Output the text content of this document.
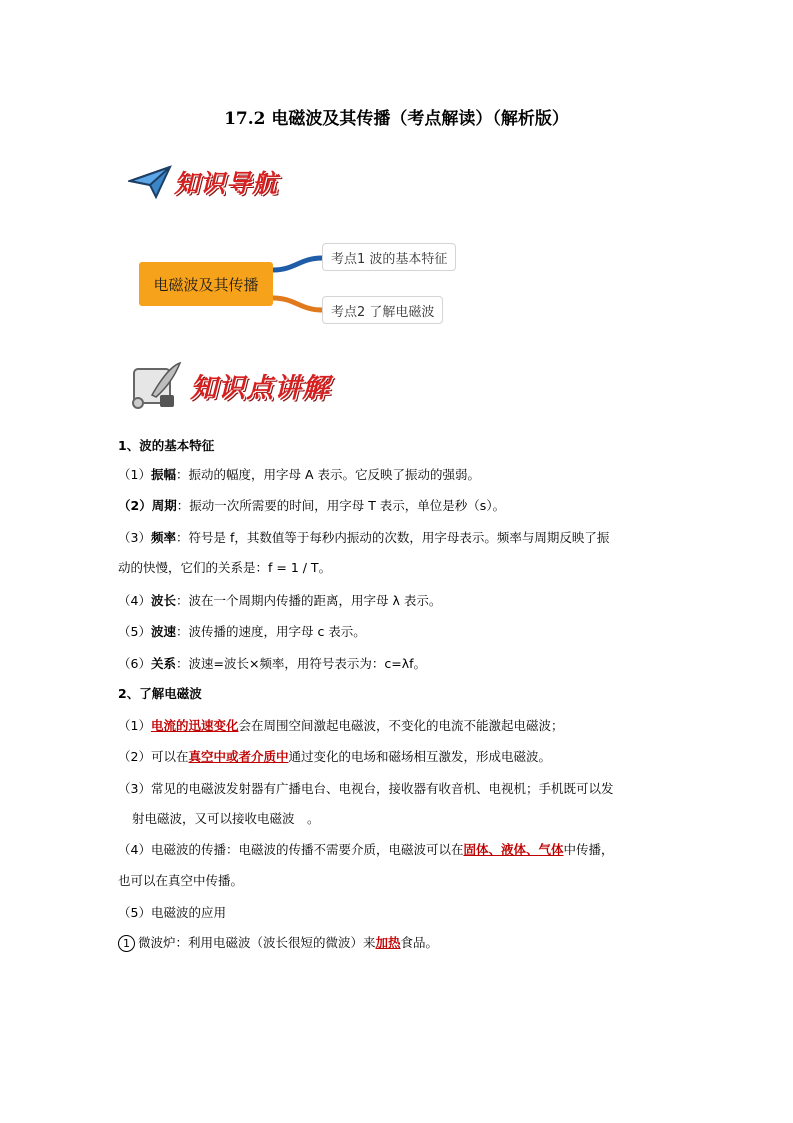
17.2 电磁波及其传播（考点解读）（解析版）
知识导航
电磁波及其传播
考点1 波的基本特征
考点2 了解电磁波
知识点讲解
1、波的基本特征
（1）振幅：振动的幅度，用字母 A 表示。它反映了振动的强弱。
（2）周期：振动一次所需要的时间，用字母 T 表示，单位是秒（s）。
（3）频率：符号是 f，其数值等于每秒内振动的次数，用字母表示。频率与周期反映了振
动的快慢，它们的关系是：f = 1 / T。
（4）波长：波在一个周期内传播的距离，用字母 λ 表示。
（5）波速：波传播的速度，用字母 c 表示。
（6）关系：波速=波长×频率，用符号表示为：c=λf。
2、了解电磁波
（1）电流的迅速变化会在周围空间激起电磁波，不变化的电流不能激起电磁波；
（2）可以在真空中或者介质中通过变化的电场和磁场相互激发，形成电磁波。
（3）常见的电磁波发射器有广播电台、电视台，接收器有收音机、电视机；手机既可以发
射电磁波，又可以接收电磁波　。
（4）电磁波的传播：电磁波的传播不需要介质，电磁波可以在固体、液体、气体中传播，
也可以在真空中传播。
（5）电磁波的应用
1 微波炉：利用电磁波（波长很短的微波）来加热食品。
